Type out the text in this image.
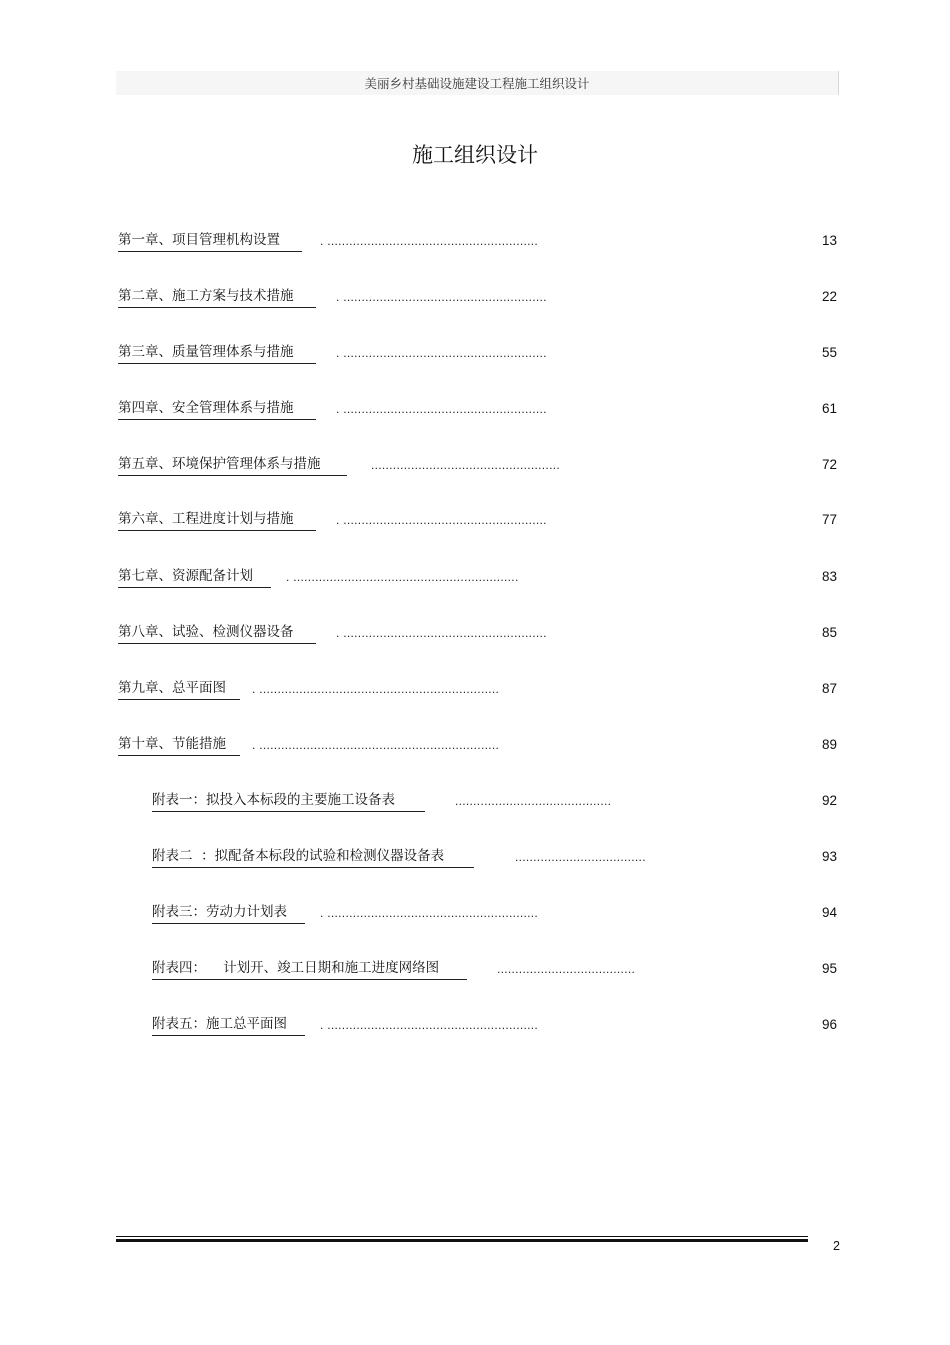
美丽乡村基础设施建设工程施工组织设计
施工组织设计
第一章、项目管理机构设置	. ..........................................................	13
第二章、施工方案与技术措施	. ........................................................	22
第三章、质量管理体系与措施	. ........................................................	55
第四章、安全管理体系与措施	. ........................................................	61
第五章、环境保护管理体系与措施	....................................................	72
第六章、工程进度计划与措施	. ........................................................	77
第七章、资源配备计划	. ..............................................................	83
第八章、试验、检测仪器设备	. ........................................................	85
第九章、总平面图	. ..................................................................	87
第十章、节能措施	. ..................................................................	89
附表一：拟投入本标段的主要施工设备表	...........................................	92
附表二  ：拟配备本标段的试验和检测仪器设备表	....................................	93
附表三：劳动力计划表	. ..........................................................	94
附表四：    计划开、竣工日期和施工进度网络图	......................................	95
附表五：施工总平面图	. ..........................................................	96
2
